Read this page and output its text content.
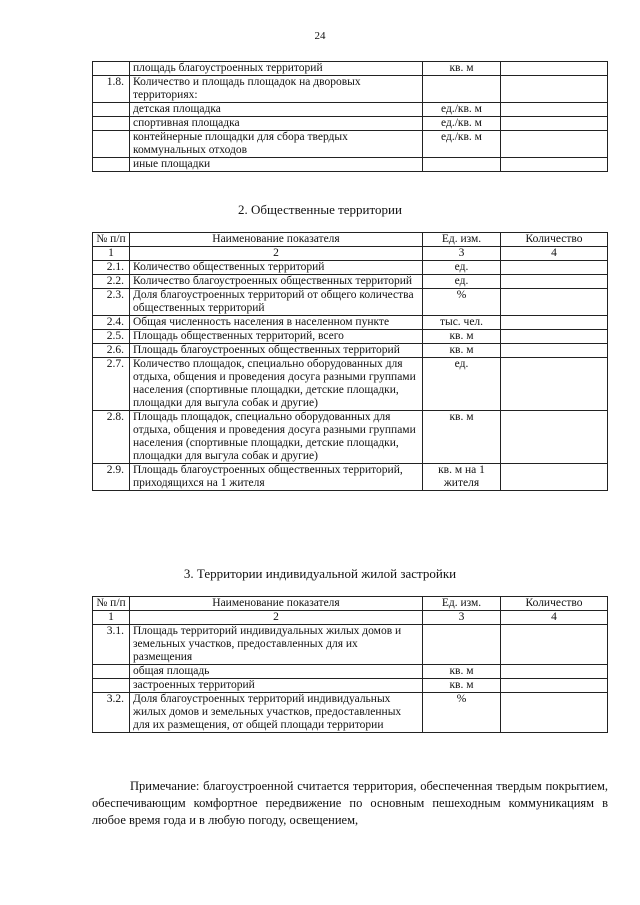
24
	площадь благоустроенных территорий	кв. м	
1.8.	Количество и площадь площадок на дворовых территориях:		
	детская площадка	ед./кв. м	
	спортивная площадка	ед./кв. м	
	контейнерные площадки для сбора твердых коммунальных отходов	ед./кв. м	
	иные площадки		
2. Общественные территории
№ п/п	Наименование показателя	Ед. изм.	Количество
1	2	3	4
2.1.	Количество общественных территорий	ед.	
2.2.	Количество благоустроенных общественных территорий	ед.	
2.3.	Доля благоустроенных территорий от общего количества общественных территорий	%	
2.4.	Общая численность населения в населенном пункте	тыс. чел.	
2.5.	Площадь общественных территорий, всего	кв. м	
2.6.	Площадь благоустроенных общественных территорий	кв. м	
2.7.	Количество площадок, специально оборудованных для отдыха, общения и проведения досуга разными группами населения (спортивные площадки, детские площадки, площадки для выгула собак и другие)	ед.	
2.8.	Площадь площадок, специально оборудованных для отдыха, общения и проведения досуга разными группами населения (спортивные площадки, детские площадки, площадки для выгула собак и другие)	кв. м	
2.9.	Площадь благоустроенных общественных территорий, приходящихся на 1 жителя	кв. м на 1 жителя	
3. Территории индивидуальной жилой застройки
№ п/п	Наименование показателя	Ед. изм.	Количество
1	2	3	4
3.1.	Площадь территорий индивидуальных жилых домов и земельных участков, предоставленных для их размещения		
	общая площадь	кв. м	
	застроенных территорий	кв. м	
3.2.	Доля благоустроенных территорий индивидуальных жилых домов и земельных участков, предоставленных для их размещения, от общей площади территории	%	

Примечание: благоустроенной считается территория, обеспеченная твердым покрытием, обеспечивающим комфортное передвижение по основным пешеходным коммуникациям в любое время года и в любую погоду, освещением,
